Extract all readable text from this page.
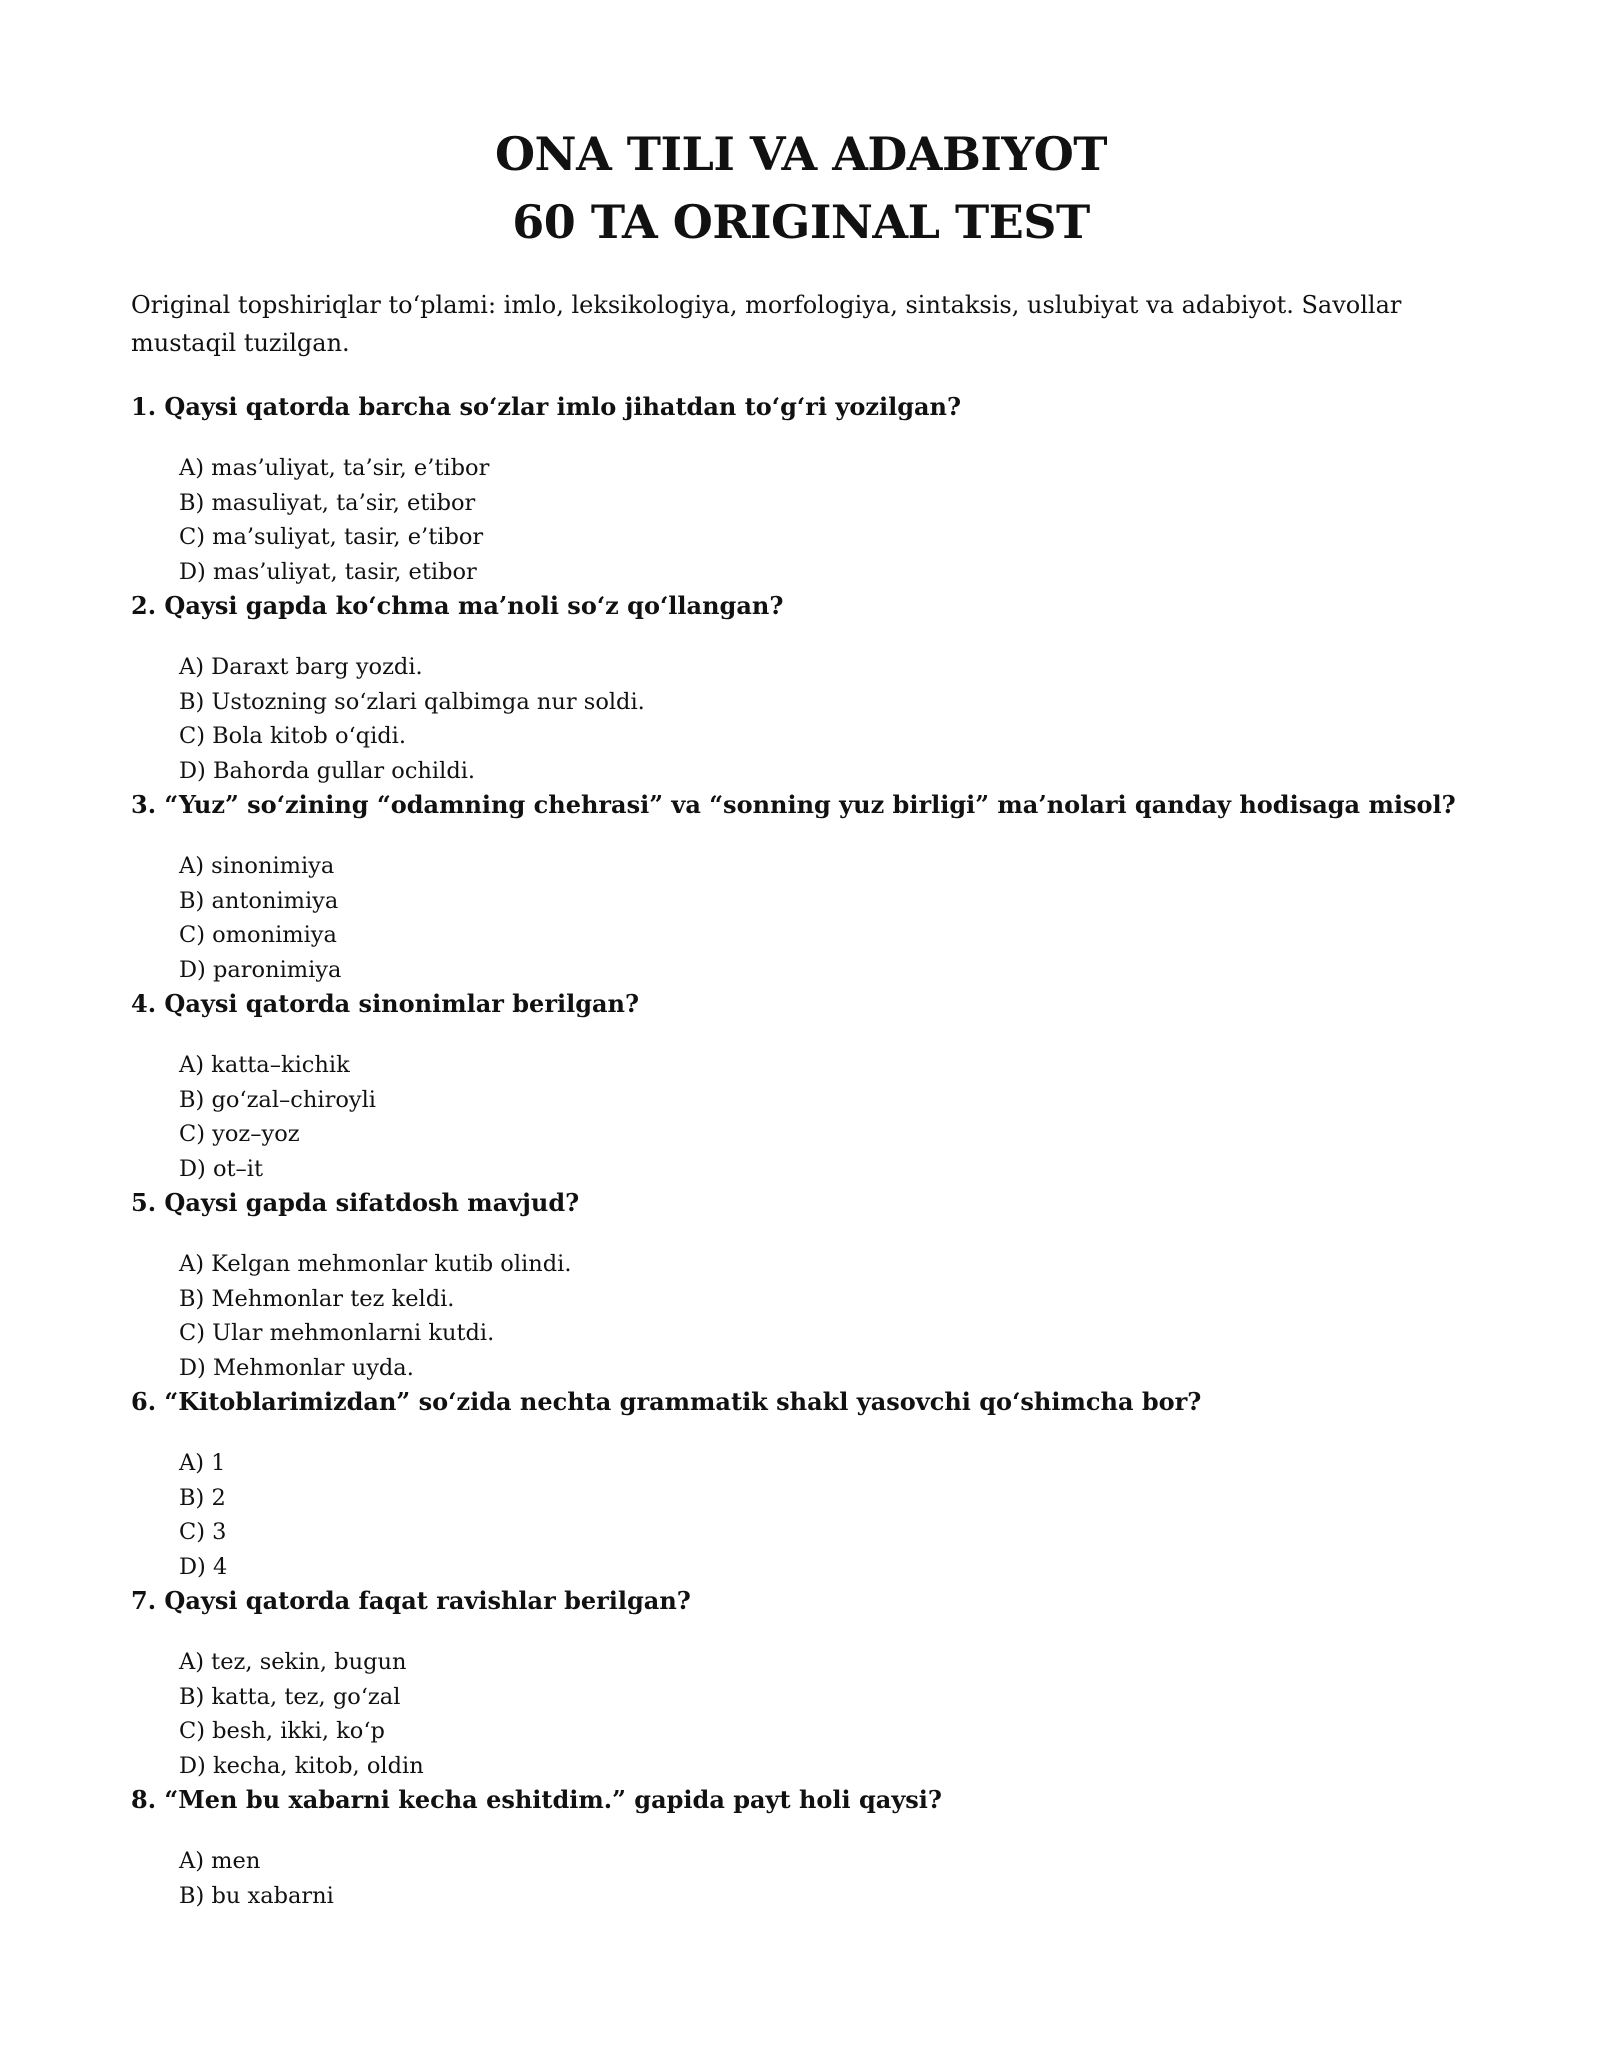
ONA TILI VA ADABIYOT
60 TA ORIGINAL TEST

Original topshiriqlar to‘plami: imlo, leksikologiya, morfologiya, sintaksis, uslubiyat va adabiyot. Savollar mustaqil tuzilgan.

1. Qaysi qatorda barcha so‘zlar imlo jihatdan to‘g‘ri yozilgan?

A) mas’uliyat, ta’sir, e’tibor
B) masuliyat, ta’sir, etibor
C) ma’suliyat, tasir, e’tibor
D) mas’uliyat, tasir, etibor

2. Qaysi gapda ko‘chma ma’noli so‘z qo‘llangan?

A) Daraxt barg yozdi.
B) Ustozning so‘zlari qalbimga nur soldi.
C) Bola kitob o‘qidi.
D) Bahorda gullar ochildi.

3. “Yuz” so‘zining “odamning chehrasi” va “sonning yuz birligi” ma’nolari qanday hodisaga misol?

A) sinonimiya
B) antonimiya
C) omonimiya
D) paronimiya

4. Qaysi qatorda sinonimlar berilgan?

A) katta–kichik
B) go‘zal–chiroyli
C) yoz–yoz
D) ot–it

5. Qaysi gapda sifatdosh mavjud?

A) Kelgan mehmonlar kutib olindi.
B) Mehmonlar tez keldi.
C) Ular mehmonlarni kutdi.
D) Mehmonlar uyda.

6. “Kitoblarimizdan” so‘zida nechta grammatik shakl yasovchi qo‘shimcha bor?

A) 1
B) 2
C) 3
D) 4

7. Qaysi qatorda faqat ravishlar berilgan?

A) tez, sekin, bugun
B) katta, tez, go‘zal
C) besh, ikki, ko‘p
D) kecha, kitob, oldin

8. “Men bu xabarni kecha eshitdim.” gapida payt holi qaysi?

A) men
B) bu xabarni
